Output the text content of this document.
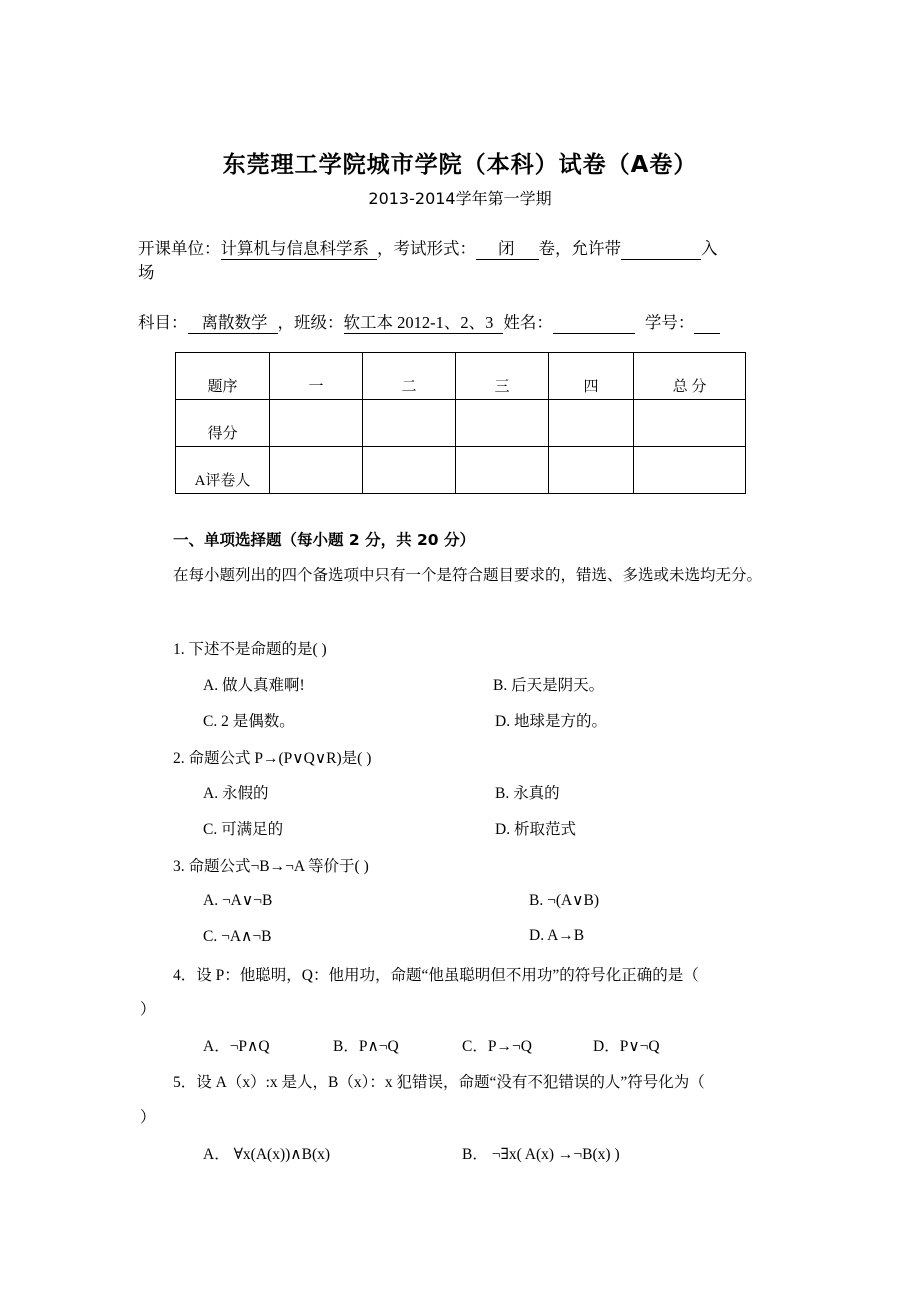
东莞理工学院城市学院（本科）试卷（A卷）
2013-2014学年第一学期
开课单位：计算机与信息科学系 ，考试形式： 闭 卷，允许带	入
场
科目： 离散数学 ，班级：软工本 2012-1、2、3 姓名：	学号：
题序	一	二	三	四	总 分
得分					
A评卷人					
一、单项选择题（每小题 2 分，共 20 分）
在每小题列出的四个备选项中只有一个是符合题目要求的，错选、多选或未选均无分。
1. 下述不是命题的是( )
A. 做人真难啊!	B. 后天是阴天。
C. 2 是偶数。	D. 地球是方的。
2. 命题公式 P→(P∨Q∨R)是( )
A. 永假的	B. 永真的
C. 可满足的	D. 析取范式
3. 命题公式¬B→¬A 等价于( )
A. ¬A∨¬B	B. ¬(A∨B)
C. ¬A∧¬B	D. A→B
4．设 P：他聪明，Q：他用功，命题“他虽聪明但不用功”的符号化正确的是（
）
A．¬P∧Q	B．P∧¬Q	C．P→¬Q	D．P∨¬Q
5．设 A（x）:x 是人，B（x）：x 犯错误，命题“没有不犯错误的人”符号化为（
）
A． ∀x(A(x))∧B(x)	B． ¬∃x( A(x) →¬B(x) )
